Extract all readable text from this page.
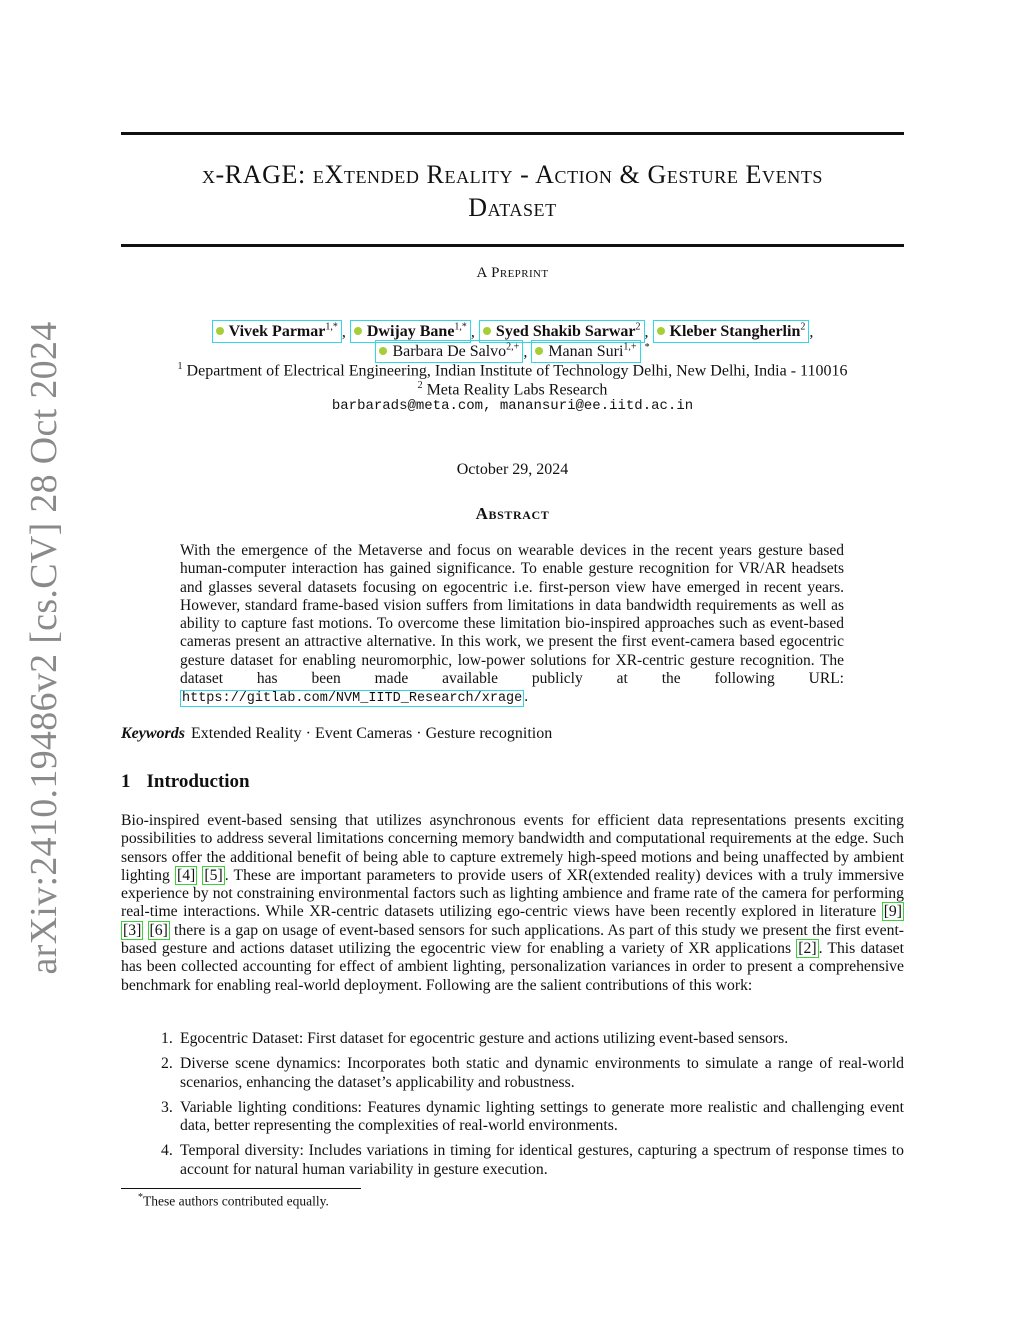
arXiv:2410.19486v2 [cs.CV] 28 Oct 2024
x-RAGE: eXtended Reality - Action & Gesture Events
Dataset
A Preprint
Vivek Parmar$^{1,*}$ , Dwijay Bane$^{1,*}$ , Syed Shakib Sarwar$^2$ , Kleber Stangherlin$^2$ ,
Barbara De Salvo$^{2,+}$ , Manan Suri$^{1,+}$ *
$^1$ Department of Electrical Engineering, Indian Institute of Technology Delhi, New Delhi, India - 110016
$^2$ Meta Reality Labs Research
barbarads@meta.com, manansuri@ee.iitd.ac.in
October 29, 2024
Abstract
With the emergence of the Metaverse and focus on wearable devices in the recent years gesture based human-computer interaction has gained significance. To enable gesture recognition for VR/AR headsets and glasses several datasets focusing on egocentric i.e. first-person view have emerged in recent years. However, standard frame-based vision suffers from limitations in data bandwidth requirements as well as ability to capture fast motions. To overcome these limitation bio-inspired approaches such as event-based cameras present an attractive alternative. In this work, we present the first event-camera based egocentric gesture dataset for enabling neuromorphic, low-power solutions for XR-centric gesture recognition. The dataset has been made available publicly at the following URL: https://gitlab.com/NVM_IITD_Research/xrage .
Keywords Extended Reality · Event Cameras · Gesture recognition
1 Introduction
Bio-inspired event-based sensing that utilizes asynchronous events for efficient data representations presents exciting possibilities to address several limitations concerning memory bandwidth and computational requirements at the edge. Such sensors offer the additional benefit of being able to capture extremely high-speed motions and being unaffected by ambient lighting [4] [5] . These are important parameters to provide users of XR(extended reality) devices with a truly immersive experience by not constraining environmental factors such as lighting ambience and frame rate of the camera for performing real-time interactions. While XR-centric datasets utilizing ego-centric views have been recently explored in literature [9] [3] [6] there is a gap on usage of event-based sensors for such applications. As part of this study we present the first event-based gesture and actions dataset utilizing the egocentric view for enabling a variety of XR applications [2] . This dataset has been collected accounting for effect of ambient lighting, personalization variances in order to present a comprehensive benchmark for enabling real-world deployment. Following are the salient contributions of this work:
1. Egocentric Dataset: First dataset for egocentric gesture and actions utilizing event-based sensors.
2. Diverse scene dynamics: Incorporates both static and dynamic environments to simulate a range of real-world scenarios, enhancing the dataset’s applicability and robustness.
3. Variable lighting conditions: Features dynamic lighting settings to generate more realistic and challenging event data, better representing the complexities of real-world environments.
4. Temporal diversity: Includes variations in timing for identical gestures, capturing a spectrum of response times to account for natural human variability in gesture execution.
*These authors contributed equally.
